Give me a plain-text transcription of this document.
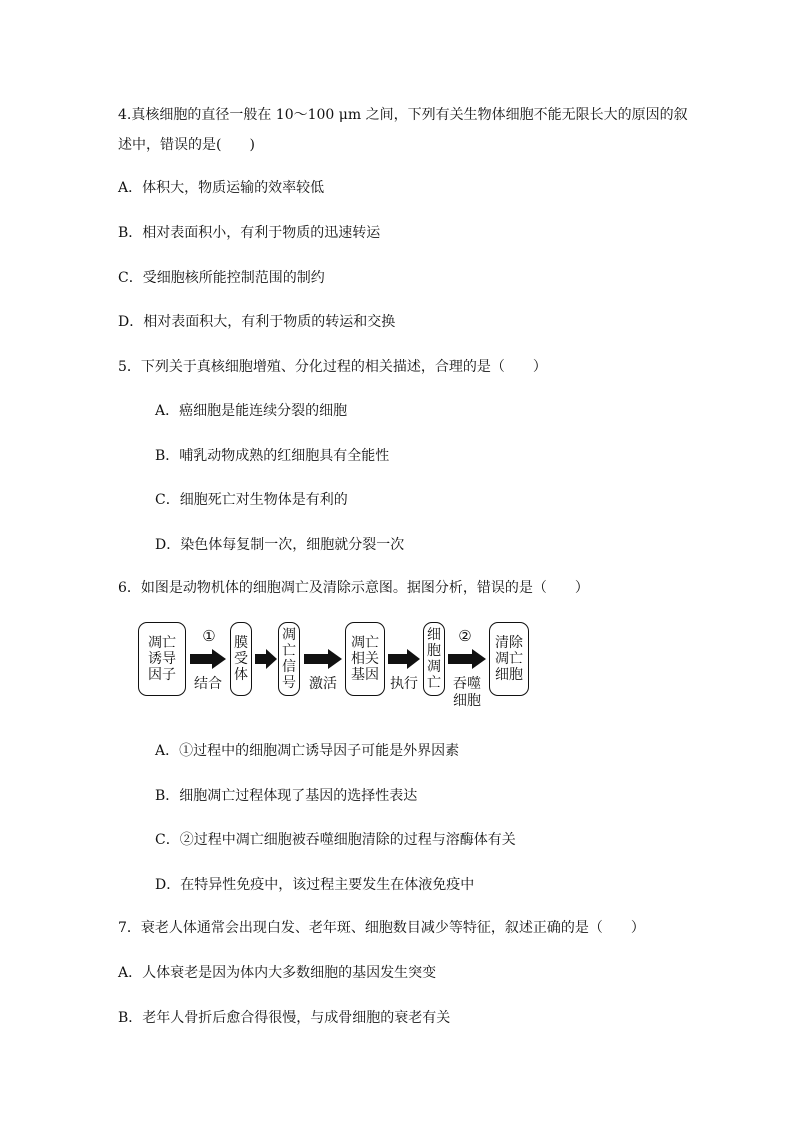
4.真核细胞的直径一般在 10～100 μm 之间，下列有关生物体细胞不能无限长大的原因的叙
述中，错误的是(　　)
A．体积大，物质运输的效率较低
B．相对表面积小，有利于物质的迅速转运
C．受细胞核所能控制范围的制约
D．相对表面积大，有利于物质的转运和交换
5．下列关于真核细胞增殖、分化过程的相关描述，合理的是（　　）
A．癌细胞是能连续分裂的细胞
B．哺乳动物成熟的红细胞具有全能性
C．细胞死亡对生物体是有利的
D．染色体每复制一次，细胞就分裂一次
6．如图是动物机体的细胞凋亡及清除示意图。据图分析，错误的是（　　）
凋亡
诱导
因子
①
结合
膜
受
体
凋
亡
信
号 激活
凋亡
相关
基因
执行
细
胞
凋
亡
②
吞噬
细胞
清除
凋亡
细胞
A．①过程中的细胞凋亡诱导因子可能是外界因素
B．细胞凋亡过程体现了基因的选择性表达
C．②过程中凋亡细胞被吞噬细胞清除的过程与溶酶体有关
D．在特异性免疫中，该过程主要发生在体液免疫中
7．衰老人体通常会出现白发、老年斑、细胞数目减少等特征，叙述正确的是（　　）
A．人体衰老是因为体内大多数细胞的基因发生突变
B．老年人骨折后愈合得很慢，与成骨细胞的衰老有关
